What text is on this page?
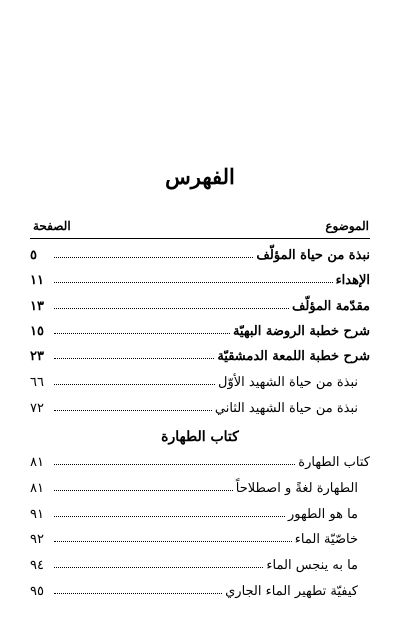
الفهرس
الموضوع
الصفحة
نبذة من حياة المؤلّف
٥
الإهداء
١١
مقدّمة المؤلّف
١٣
شرح خطبة الروضة البهيّة
١٥
شرح خطبة اللمعة الدمشقيّة
٢٣
نبذة من حياة الشهيد الأوّل
٦٦
نبذة من حياة الشهيد الثاني
٧٢
كتاب الطهارة
كتاب الطهارة
٨١
الطهارة لغةً و اصطلاحاً
٨١
ما هو الطهور
٩١
خاصّيّة الماء
٩٢
ما به ينجس الماء
٩٤
كيفيّة تطهير الماء الجاري
٩٥
